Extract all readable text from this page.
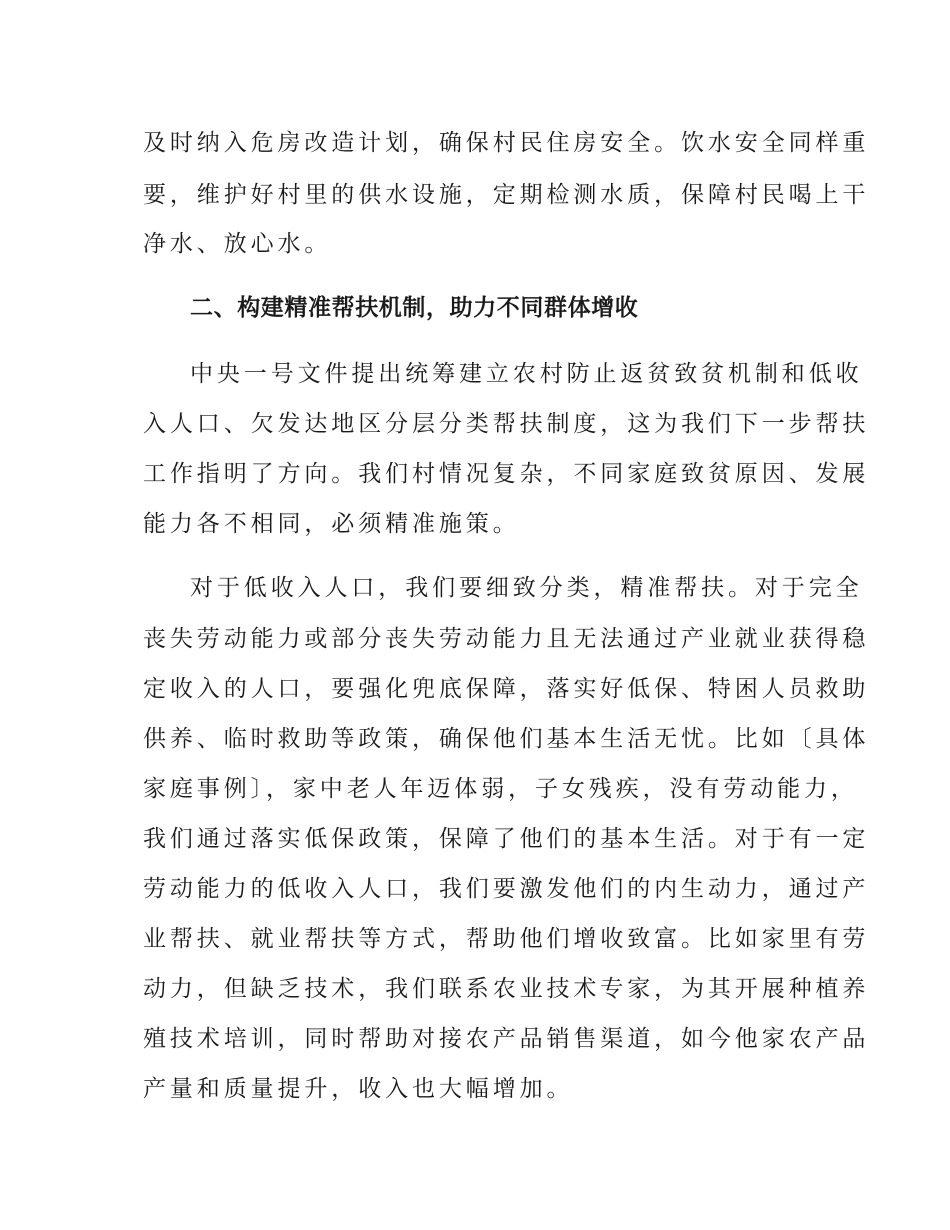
及时纳入危房改造计划，确保村民住房安全。饮水安全同样重

要，维护好村里的供水设施，定期检测水质，保障村民喝上干

净水、放心水。

二、构建精准帮扶机制，助力不同群体增收

中央一号文件提出统筹建立农村防止返贫致贫机制和低收

入人口、欠发达地区分层分类帮扶制度，这为我们下一步帮扶

工作指明了方向。我们村情况复杂，不同家庭致贫原因、发展

能力各不相同，必须精准施策。

对于低收入人口，我们要细致分类，精准帮扶。对于完全

丧失劳动能力或部分丧失劳动能力且无法通过产业就业获得稳

定收入的人口，要强化兜底保障，落实好低保、特困人员救助

供养、临时救助等政策，确保他们基本生活无忧。比如〔具体

家庭事例〕，家中老人年迈体弱，子女残疾，没有劳动能力，

我们通过落实低保政策，保障了他们的基本生活。对于有一定

劳动能力的低收入人口，我们要激发他们的内生动力，通过产

业帮扶、就业帮扶等方式，帮助他们增收致富。比如家里有劳

动力，但缺乏技术，我们联系农业技术专家，为其开展种植养

殖技术培训，同时帮助对接农产品销售渠道，如今他家农产品

产量和质量提升，收入也大幅增加。
